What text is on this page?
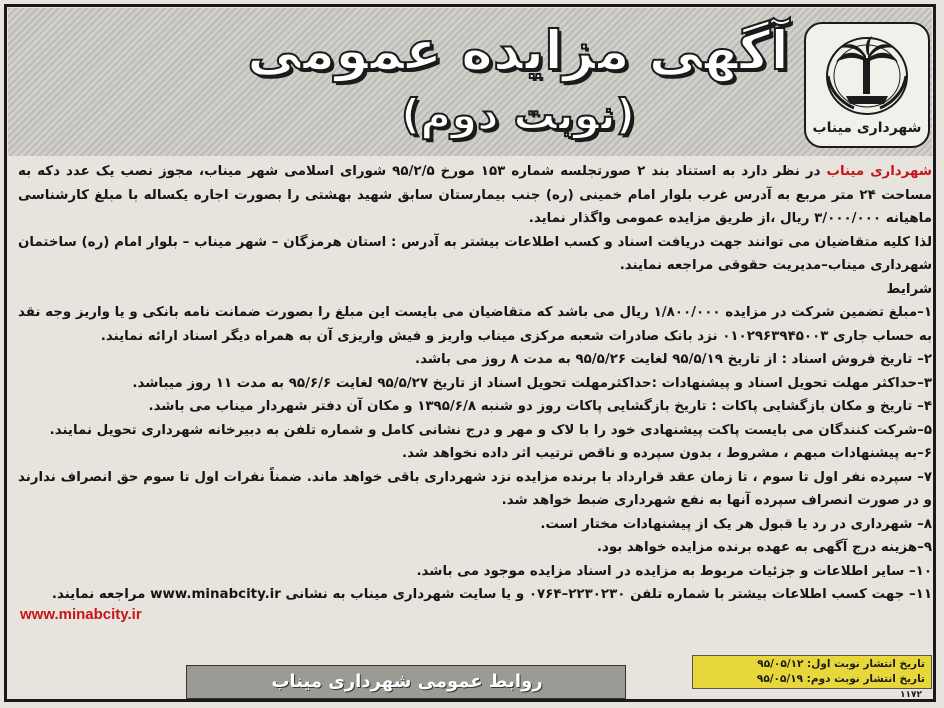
آگهی مزایده عمومی
(نوبت دوم)	شهرداری میناب

شهرداری میناب در نظر دارد به استناد بند ۲ صورتجلسه شماره ۱۵۳ مورخ ۹۵/۲/۵ شورای اسلامی شهر میناب، مجوز نصب یک عدد دکه به مساحت ۲۴ متر مربع به آدرس غرب بلوار امام خمینی (ره) جنب بیمارستان سابق شهید بهشتی را بصورت اجاره یکساله با مبلغ کارشناسی ماهیانه ۳/۰۰۰/۰۰۰ ریال ،از طریق مزایده عمومی واگذار نماید.

لذا کلیه متقاضیان می توانند جهت دریافت اسناد و کسب اطلاعات بیشتر به آدرس : استان هرمزگان – شهر میناب – بلوار امام (ره) ساختمان شهرداری میناب–مدیریت حقوقی مراجعه نمایند.

شرایط

۱–مبلغ تضمین شرکت در مزایده ۱/۸۰۰/۰۰۰ ریال می باشد که متقاضیان می بایست این مبلغ را بصورت ضمانت نامه بانکی و یا واریز وجه نقد به حساب جاری ۰۱۰۲۹۶۳۹۴۵۰۰۳ نزد بانک صادرات شعبه مرکزی میناب واریز و فیش واریزی آن به همراه دیگر اسناد ارائه نمایند.

۲– تاریخ فروش اسناد : از تاریخ ۹۵/۵/۱۹ لغایت ۹۵/۵/۲۶ به مدت ۸ روز می باشد.

۳–حداکثر مهلت تحویل اسناد و پیشنهادات :حداکثرمهلت تحویل اسناد از تاریخ ۹۵/۵/۲۷ لغایت ۹۵/۶/۶ به مدت ۱۱ روز میباشد.

۴– تاریخ و مکان بازگشایی پاکات : تاریخ بازگشایی پاکات روز دو شنبه ۱۳۹۵/۶/۸ و مکان آن دفتر شهردار میناب می باشد.

۵–شرکت کنندگان می بایست پاکت پیشنهادی خود را با لاک و مهر و درج نشانی کامل و شماره تلفن به دبیرخانه شهرداری تحویل نمایند.

۶–به پیشنهادات مبهم ، مشروط ، بدون سپرده و ناقص ترتیب اثر داده نخواهد شد.

۷– سپرده نفر اول تا سوم ، تا زمان عقد قرارداد با برنده مزایده نزد شهرداری باقی خواهد ماند. ضمناً نفرات اول تا سوم حق انصراف ندارند و در صورت انصراف سپرده آنها به نفع شهرداری ضبط خواهد شد.

۸– شهرداری در رد یا قبول هر یک از پیشنهادات مختار است.

۹–هزینه درج آگهی به عهده برنده مزایده خواهد بود.

۱۰– سایر اطلاعات و جزئیات مربوط به مزایده در اسناد مزایده موجود می باشد.

۱۱– جهت کسب اطلاعات بیشتر با شماره تلفن ۲۲۳۰۲۳۰–۰۷۶۴ و یا سایت شهرداری میناب به نشانی www.minabcity.ir مراجعه نمایند.

www.minabcity.ir
روابط عمومی شهرداری میناب
تاریخ انتشار نوبت اول: ۹۵/۰۵/۱۲
تاریخ انتشار نوبت دوم: ۹۵/۰۵/۱۹
۱۱۷۲
